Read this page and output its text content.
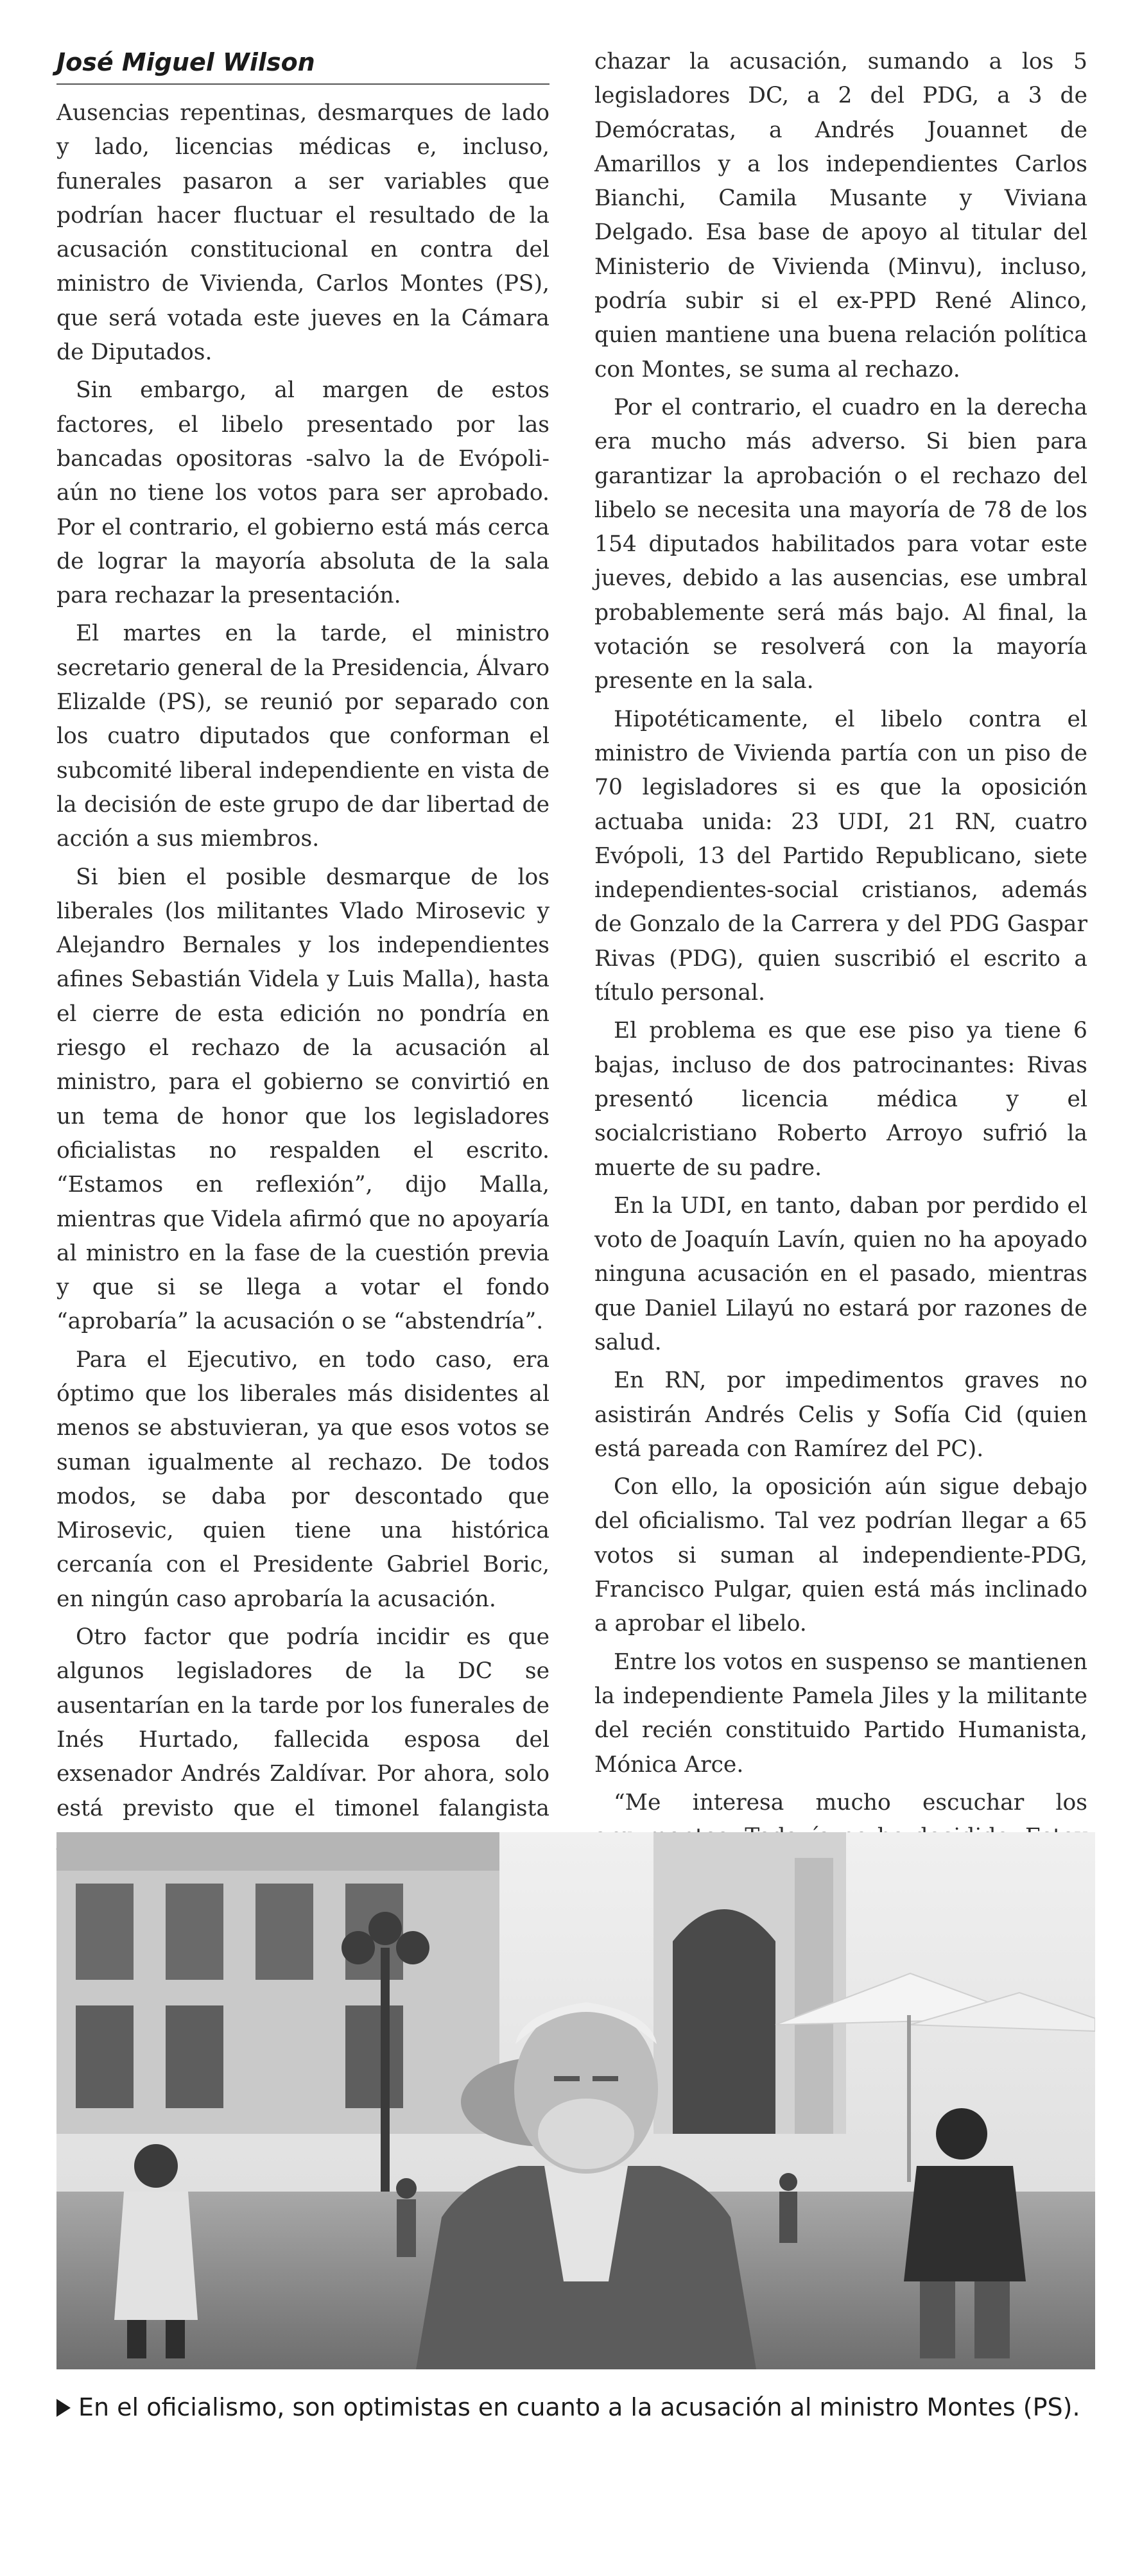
José Miguel Wilson

Ausencias repentinas, desmarques de lado y lado, licencias médicas e, incluso, funerales pasaron a ser variables que podrían hacer fluctuar el resultado de la acusación constitucional en contra del ministro de Vivienda, Carlos Montes (PS), que será votada este jueves en la Cámara de Diputados.

Sin embargo, al margen de estos factores, el libelo presentado por las bancadas opositoras -salvo la de Evópoli- aún no tiene los votos para ser aprobado. Por el contrario, el gobierno está más cerca de lograr la mayoría absoluta de la sala para rechazar la presentación.

El martes en la tarde, el ministro secretario general de la Presidencia, Álvaro Elizalde (PS), se reunió por separado con los cuatro diputados que conforman el subcomité liberal independiente en vista de la decisión de este grupo de dar libertad de acción a sus miembros.

Si bien el posible desmarque de los liberales (los militantes Vlado Mirosevic y Alejandro Bernales y los independientes afines Sebastián Videla y Luis Malla), hasta el cierre de esta edición no pondría en riesgo el rechazo de la acusación al ministro, para el gobierno se convirtió en un tema de honor que los legisladores oficialistas no respalden el escrito. “Estamos en reflexión”, dijo Malla, mientras que Videla afirmó que no apoyaría al ministro en la fase de la cuestión previa y que si se llega a votar el fondo “aprobaría” la acusación o se “abstendría”.

Para el Ejecutivo, en todo caso, era óptimo que los liberales más disidentes al menos se abstuvieran, ya que esos votos se suman igualmente al rechazo. De todos modos, se daba por descontado que Mirosevic, quien tiene una histórica cercanía con el Presidente Gabriel Boric, en ningún caso aprobaría la acusación.

Otro factor que podría incidir es que algunos legisladores de la DC se ausentarían en la tarde por los funerales de Inés Hurtado, fallecida esposa del exsenador Andrés Zaldívar. Por ahora, solo está previsto que el timonel falangista

chazar la acusación, sumando a los 5 legisladores DC, a 2 del PDG, a 3 de Demócratas, a Andrés Jouannet de Amarillos y a los independientes Carlos Bianchi, Camila Musante y Viviana Delgado. Esa base de apoyo al titular del Ministerio de Vivienda (Minvu), incluso, podría subir si el ex-PPD René Alinco, quien mantiene una buena relación política con Montes, se suma al rechazo.

Por el contrario, el cuadro en la derecha era mucho más adverso. Si bien para garantizar la aprobación o el rechazo del libelo se necesita una mayoría de 78 de los 154 diputados habilitados para votar este jueves, debido a las ausencias, ese umbral probablemente será más bajo. Al final, la votación se resolverá con la mayoría presente en la sala.

Hipotéticamente, el libelo contra el ministro de Vivienda partía con un piso de 70 legisladores si es que la oposición actuaba unida: 23 UDI, 21 RN, cuatro Evópoli, 13 del Partido Republicano, siete independientes-social cristianos, además de Gonzalo de la Carrera y del PDG Gaspar Rivas (PDG), quien suscribió el escrito a título personal.

El problema es que ese piso ya tiene 6 bajas, incluso de dos patrocinantes: Rivas presentó licencia médica y el socialcristiano Roberto Arroyo sufrió la muerte de su padre.

En la UDI, en tanto, daban por perdido el voto de Joaquín Lavín, quien no ha apoyado ninguna acusación en el pasado, mientras que Daniel Lilayú no estará por razones de salud.

En RN, por impedimentos graves no asistirán Andrés Celis y Sofía Cid (quien está pareada con Ramírez del PC).

Con ello, la oposición aún sigue debajo del oficialismo. Tal vez podrían llegar a 65 votos si suman al independiente-PDG, Francisco Pulgar, quien está más inclinado a aprobar el libelo.

Entre los votos en suspenso se mantienen la independiente Pamela Jiles y la militante del recién constituido Partido Humanista, Mónica Arce.

“Me interesa mucho escuchar los

En el oficialismo, son optimistas en cuanto a la acusación al ministro Montes (PS).
